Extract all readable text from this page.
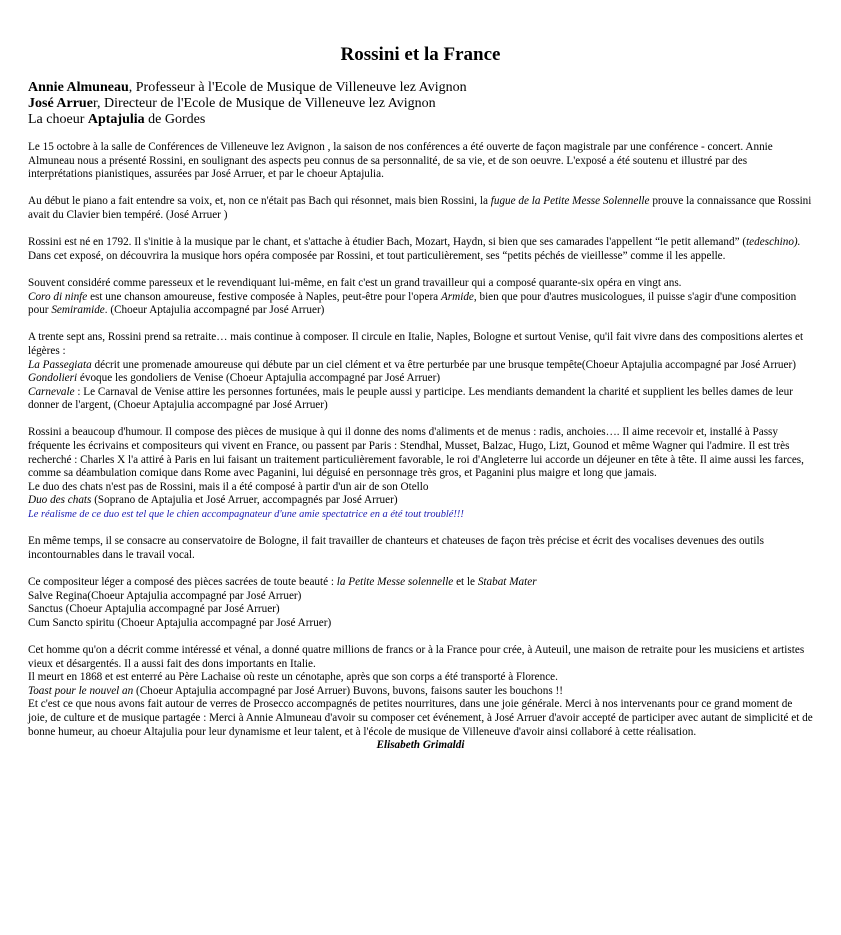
Rossini et la France
Annie Almuneau, Professeur à l'Ecole de Musique de Villeneuve lez Avignon
José Arruer, Directeur de l'Ecole de Musique de Villeneuve lez Avignon
La choeur Aptajulia de Gordes

Le 15 octobre à la salle de Conférences de Villeneuve lez Avignon , la saison de nos conférences a été ouverte de façon magistrale par une conférence - concert. Annie Almuneau nous a présenté Rossini, en soulignant des aspects peu connus de sa personnalité, de sa vie, et de son oeuvre. L'exposé a été soutenu et illustré par des interprétations pianistiques, assurées par José Arruer, et par le choeur Aptajulia.

Au début le piano a fait entendre sa voix, et, non ce n'était pas Bach qui résonnet, mais bien Rossini, la fugue de la Petite Messe Solennelle prouve la connaissance que Rossini avait du Clavier bien tempéré. (José Arruer )

Rossini est né en 1792. Il s'initie à la musique par le chant, et s'attache à étudier Bach, Mozart, Haydn, si bien que ses camarades l'appellent “le petit allemand” (tedeschino).
Dans cet exposé, on découvrira la musique hors opéra composée par Rossini, et tout particulièrement, ses “petits péchés de vieillesse” comme il les appelle.

Souvent considéré comme paresseux et le revendiquant lui-même, en fait c'est un grand travailleur qui a composé quarante-six opéra en vingt ans.
Coro di ninfe est une chanson amoureuse, festive composée à Naples, peut-être pour l'opera Armide, bien que pour d'autres musicologues, il puisse s'agir d'une composition pour Semiramide. (Choeur Aptajulia accompagné par José Arruer)

A trente sept ans, Rossini prend sa retraite… mais continue à composer. Il circule en Italie, Naples, Bologne et surtout Venise, qu'il fait vivre dans des compositions alertes et légères :
La Passegiata décrit une promenade amoureuse qui débute par un ciel clément et va être perturbée par une brusque tempête(Choeur Aptajulia accompagné par José Arruer)
Gondolieri évoque les gondoliers de Venise (Choeur Aptajulia accompagné par José Arruer)
Carnevale : Le Carnaval de Venise attire les personnes fortunées, mais le peuple aussi y participe. Les mendiants demandent la charité et supplient les belles dames de leur donner de l'argent, (Choeur Aptajulia accompagné par José Arruer)

Rossini a beaucoup d'humour. Il compose des pièces de musique à qui il donne des noms d'aliments et de menus : radis, anchoies…. Il aime recevoir et, installé à Passy fréquente les écrivains et compositeurs qui vivent en France, ou passent par Paris : Stendhal, Musset, Balzac, Hugo, Lizt, Gounod et même Wagner qui l'admire. Il est très recherché : Charles X l'a attiré à Paris en lui faisant un traitement particulièrement favorable, le roi d'Angleterre lui accorde un déjeuner en tête à tête. Il aime aussi les farces, comme sa déambulation comique dans Rome avec Paganini, lui déguisé en personnage très gros, et Paganini plus maigre et long que jamais.
Le duo des chats n'est pas de Rossini, mais il a été composé à partir d'un air de son Otello
Duo des chats (Soprano de Aptajulia et José Arruer, accompagnés par José Arruer)
Le réalisme de ce duo est tel que le chien accompagnateur d'une amie spectatrice en a été tout troublé!!!

En même temps, il se consacre au conservatoire de Bologne, il fait travailler de chanteurs et chateuses de façon très précise et écrit des vocalises devenues des outils incontournables dans le travail vocal.

Ce compositeur léger a composé des pièces sacrées de toute beauté : la Petite Messe solennelle et le Stabat Mater
Salve Regina(Choeur Aptajulia accompagné par José Arruer)
Sanctus (Choeur Aptajulia accompagné par José Arruer)
Cum Sancto spiritu (Choeur Aptajulia accompagné par José Arruer)

Cet homme qu'on a décrit comme intéressé et vénal, a donné quatre millions de francs or à la France pour crée, à Auteuil, une maison de retraite pour les musiciens et artistes vieux et désargentés. Il a aussi fait des dons importants en Italie.
Il meurt en 1868 et est enterré au Père Lachaise où reste un cénotaphe, après que son corps a été transporté à Florence.
Toast pour le nouvel an (Choeur Aptajulia accompagné par José Arruer) Buvons, buvons, faisons sauter les bouchons !!
Et c'est ce que nous avons fait autour de verres de Prosecco accompagnés de petites nourritures, dans une joie générale. Merci à nos intervenants pour ce grand moment de joie, de culture et de musique partagée : Merci à Annie Almuneau d'avoir su composer cet événement, à José Arruer d'avoir accepté de participer avec autant de simplicité et de bonne humeur, au choeur Altajulia pour leur dynamisme et leur talent, et à l'école de musique de Villeneuve d'avoir ainsi collaboré à cette réalisation.

Elisabeth Grimaldi
